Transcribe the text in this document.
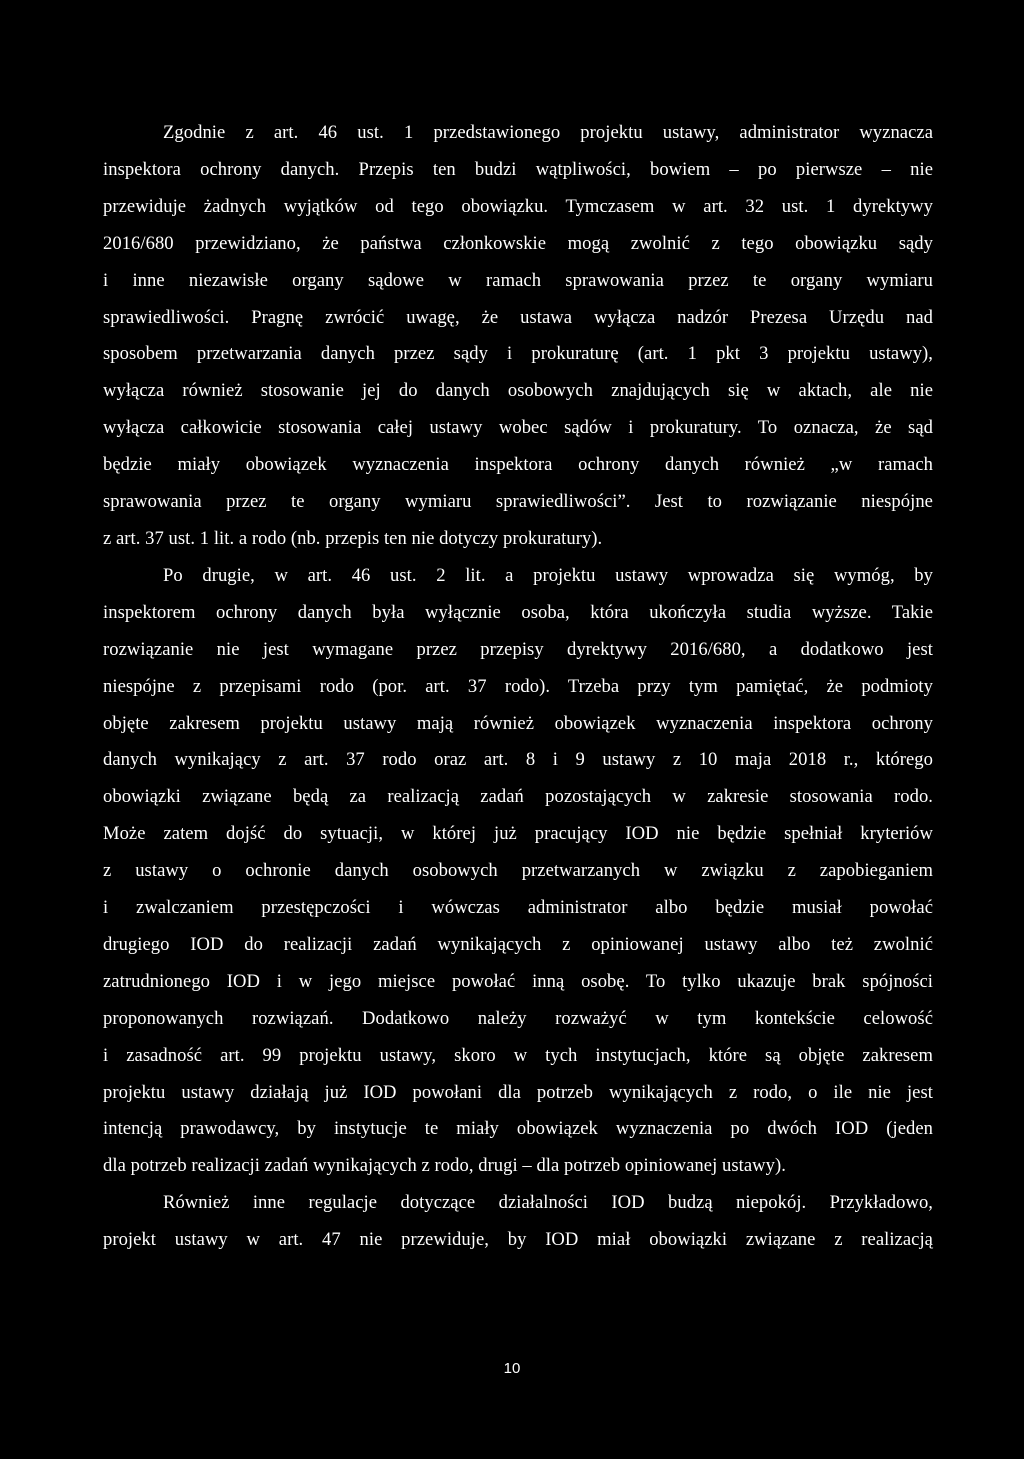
Zgodnie z art. 46 ust. 1 przedstawionego projektu ustawy, administrator wyznacza
inspektora ochrony danych. Przepis ten budzi wątpliwości, bowiem – po pierwsze – nie
przewiduje żadnych wyjątków od tego obowiązku. Tymczasem w art. 32 ust. 1 dyrektywy
2016/680 przewidziano, że państwa członkowskie mogą zwolnić z tego obowiązku sądy
i inne niezawisłe organy sądowe w ramach sprawowania przez te organy wymiaru
sprawiedliwości. Pragnę zwrócić uwagę, że ustawa wyłącza nadzór Prezesa Urzędu nad
sposobem przetwarzania danych przez sądy i prokuraturę (art. 1 pkt 3 projektu ustawy),
wyłącza również stosowanie jej do danych osobowych znajdujących się w aktach, ale nie
wyłącza całkowicie stosowania całej ustawy wobec sądów i prokuratury. To oznacza, że sąd
będzie miały obowiązek wyznaczenia inspektora ochrony danych również „w ramach
sprawowania przez te organy wymiaru sprawiedliwości”. Jest to rozwiązanie niespójne
z art. 37 ust. 1 lit. a rodo (nb. przepis ten nie dotyczy prokuratury).

Po drugie, w art. 46 ust. 2 lit. a projektu ustawy wprowadza się wymóg, by
inspektorem ochrony danych była wyłącznie osoba, która ukończyła studia wyższe. Takie
rozwiązanie nie jest wymagane przez przepisy dyrektywy 2016/680, a dodatkowo jest
niespójne z przepisami rodo (por. art. 37 rodo). Trzeba przy tym pamiętać, że podmioty
objęte zakresem projektu ustawy mają również obowiązek wyznaczenia inspektora ochrony
danych wynikający z art. 37 rodo oraz art. 8 i 9 ustawy z 10 maja 2018 r., którego
obowiązki związane będą za realizacją zadań pozostających w zakresie stosowania rodo.
Może zatem dojść do sytuacji, w której już pracujący IOD nie będzie spełniał kryteriów
z ustawy o ochronie danych osobowych przetwarzanych w związku z zapobieganiem
i zwalczaniem przestępczości i wówczas administrator albo będzie musiał powołać
drugiego IOD do realizacji zadań wynikających z opiniowanej ustawy albo też zwolnić
zatrudnionego IOD i w jego miejsce powołać inną osobę. To tylko ukazuje brak spójności
proponowanych rozwiązań. Dodatkowo należy rozważyć w tym kontekście celowość
i zasadność art. 99 projektu ustawy, skoro w tych instytucjach, które są objęte zakresem
projektu ustawy działają już IOD powołani dla potrzeb wynikających z rodo, o ile nie jest
intencją prawodawcy, by instytucje te miały obowiązek wyznaczenia po dwóch IOD (jeden
dla potrzeb realizacji zadań wynikających z rodo, drugi – dla potrzeb opiniowanej ustawy).

Również inne regulacje dotyczące działalności IOD budzą niepokój. Przykładowo,
projekt ustawy w art. 47 nie przewiduje, by IOD miał obowiązki związane z realizacją

10
